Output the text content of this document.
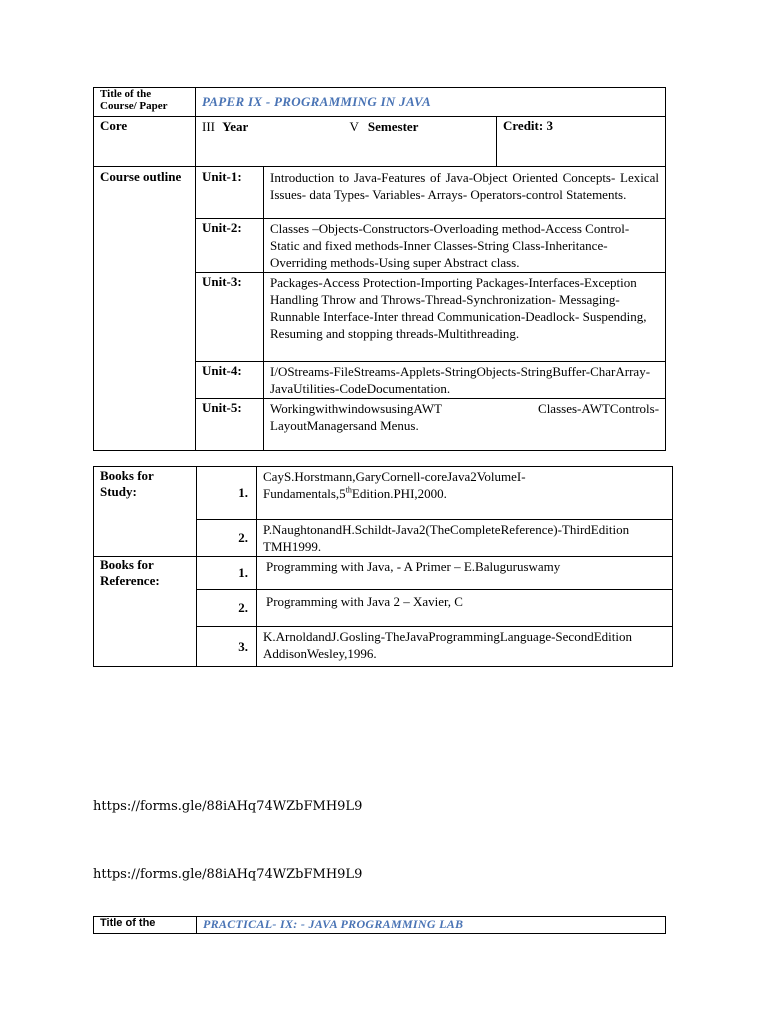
Title of the Course/ Paper	PAPER IX - PROGRAMMING IN JAVA		
Core	III Year V Semester		Credit: 3
Course outline	Unit-1:	Introduction to Java-Features of Java-Object Oriented Concepts- Lexical Issues- data Types- Variables- Arrays- Operators-control Statements.	
	Unit-2:	Classes –Objects-Constructors-Overloading method-Access Control- Static and fixed methods-Inner Classes-String Class-Inheritance- Overriding methods-Using super Abstract class.	
	Unit-3:	Packages-Access Protection-Importing Packages-Interfaces-Exception Handling Throw and Throws-Thread-Synchronization- Messaging-Runnable Interface-Inter thread Communication-Deadlock- Suspending, Resuming and stopping threads-Multithreading.	
	Unit-4:	I/OStreams-FileStreams-Applets-StringObjects-StringBuffer-CharArray-JavaUtilities-CodeDocumentation.	
	Unit-5:	WorkingwithwindowsusingAWT Classes-AWTControls-LayoutManagersand Menus.	
Books for Study:	1.	CayS.Horstmann,GaryCornell-coreJava2VolumeI-Fundamentals,5thEdition.PHI,2000.
	2.	P.NaughtonandH.Schildt-Java2(TheCompleteReference)-ThirdEdition TMH1999.
Books for Reference:	1.	Programming with Java, - A Primer – E.Baluguruswamy
	2.	Programming with Java 2 – Xavier, C
	3.	K.ArnoldandJ.Gosling-TheJavaProgrammingLanguage-SecondEdition AddisonWesley,1996.
https://forms.gle/88iAHq74WZbFMH9L9
https://forms.gle/88iAHq74WZbFMH9L9
Title of the	PRACTICAL- IX: - JAVA PROGRAMMING LAB
